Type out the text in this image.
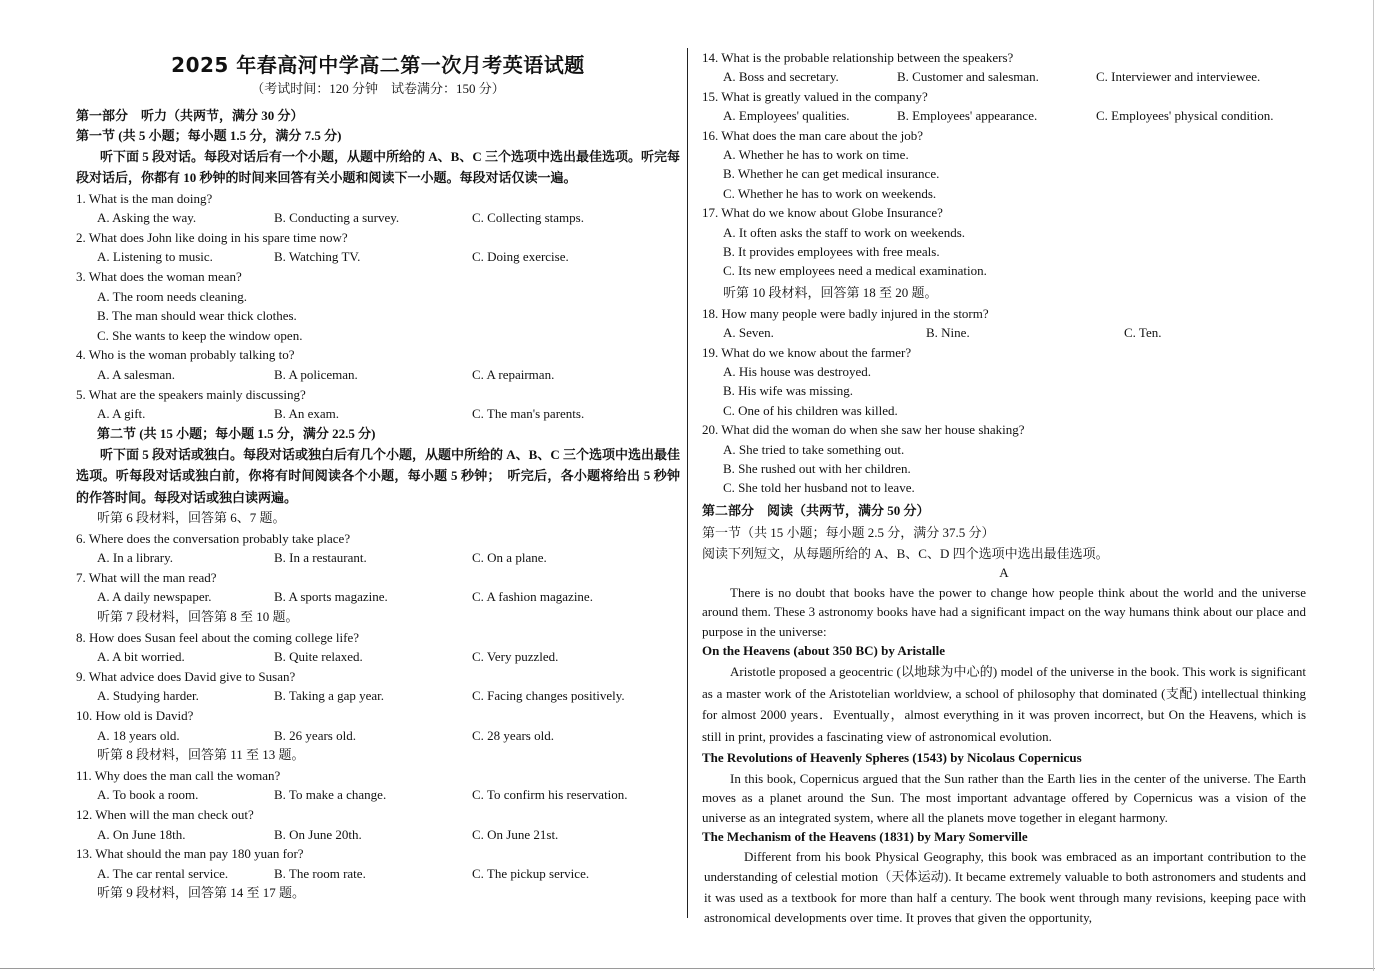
2025 年春高河中学高二第一次月考英语试题
（考试时间：120 分钟　试卷满分：150 分）
第一部分　听力（共两节，满分 30 分）
第一节 (共 5 小题；每小题 1.5 分，满分 7.5 分)
听下面 5 段对话。每段对话后有一个小题，从题中所给的 A、B、C 三个选项中选出最佳选项。听完每段对话后，你都有 10 秒钟的时间来回答有关小题和阅读下一小题。每段对话仅读一遍。
1. What is the man doing?
A. Asking the way.	B. Conducting a survey.	C. Collecting stamps.
2. What does John like doing in his spare time now?
A. Listening to music.	B. Watching TV.	C. Doing exercise.
3. What does the woman mean?
A. The room needs cleaning.
B. The man should wear thick clothes.
C. She wants to keep the window open.
4. Who is the woman probably talking to?
A. A salesman.	B. A policeman.	C. A repairman.
5. What are the speakers mainly discussing?
A. A gift.	B. An exam.	C. The man's parents.
第二节 (共 15 小题；每小题 1.5 分，满分 22.5 分)
听下面 5 段对话或独白。每段对话或独白后有几个小题，从题中所给的 A、B、C 三个选项中选出最佳选项。听每段对话或独白前，你将有时间阅读各个小题，每小题 5 秒钟；　听完后，各小题将给出 5 秒钟的作答时间。每段对话或独白读两遍。
听第 6 段材料，回答第 6、7 题。
6. Where does the conversation probably take place?
A. In a library.	B. In a restaurant.	C. On a plane.
7. What will the man read?
A. A daily newspaper.	B. A sports magazine.	C. A fashion magazine.
听第 7 段材料，回答第 8 至 10 题。
8. How does Susan feel about the coming college life?
A. A bit worried.	B. Quite relaxed.	C. Very puzzled.
9. What advice does David give to Susan?
A. Studying harder.	B. Taking a gap year.	C. Facing changes positively.
10. How old is David?
A. 18 years old.	B. 26 years old.	C. 28 years old.
听第 8 段材料，回答第 11 至 13 题。
11. Why does the man call the woman?
A. To book a room.	B. To make a change.	C. To confirm his reservation.
12. When will the man check out?
A. On June 18th.	B. On June 20th.	C. On June 21st.
13. What should the man pay 180 yuan for?
A. The car rental service.	B. The room rate.	C. The pickup service.
听第 9 段材料，回答第 14 至 17 题。
14. What is the probable relationship between the speakers?
A. Boss and secretary.	B. Customer and salesman.	C. Interviewer and interviewee.
15. What is greatly valued in the company?
A. Employees' qualities.	B. Employees' appearance.	C. Employees' physical condition.
16. What does the man care about the job?
A. Whether he has to work on time.
B. Whether he can get medical insurance.
C. Whether he has to work on weekends.
17. What do we know about Globe Insurance?
A. It often asks the staff to work on weekends.
B. It provides employees with free meals.
C. Its new employees need a medical examination.
听第 10 段材料，回答第 18 至 20 题。
18. How many people were badly injured in the storm?
A. Seven.	B. Nine.	C. Ten.
19. What do we know about the farmer?
A. His house was destroyed.
B. His wife was missing.
C. One of his children was killed.
20. What did the woman do when she saw her house shaking?
A. She tried to take something out.
B. She rushed out with her children.
C. She told her husband not to leave.
第二部分　阅读（共两节，满分 50 分）
第一节（共 15 小题；每小题 2.5 分，满分 37.5 分）
阅读下列短文，从每题所给的 A、B、C、D 四个选项中选出最佳选项。
A
There is no doubt that books have the power to change how people think about the world and the universe around them. These 3 astronomy books have had a significant impact on the way humans think about our place and purpose in the universe:
On the Heavens (about 350 BC) by Aristalle
Aristotle proposed a geocentric (以地球为中心的) model of the universe in the book. This work is significant as a master work of the Aristotelian worldview, a school of philosophy that dominated (支配) intellectual thinking for almost 2000 years．Eventually，almost everything in it was proven incorrect, but On the Heavens, which is still in print, provides a fascinating view of astronomical evolution.
The Revolutions of Heavenly Spheres (1543) by Nicolaus Copernicus
In this book, Copernicus argued that the Sun rather than the Earth lies in the center of the universe. The Earth moves as a planet around the Sun. The most important advantage offered by Copernicus was a vision of the universe as an integrated system, where all the planets move together in elegant harmony.
The Mechanism of the Heavens (1831) by Mary Somerville
Different from his book Physical Geography, this book was embraced as an important contribution to the understanding of celestial motion（天体运动). It became extremely valuable to both astronomers and students and it was used as a textbook for more than half a century. The book went through many revisions, keeping pace with astronomical developments over time. It proves that given the opportunity,
